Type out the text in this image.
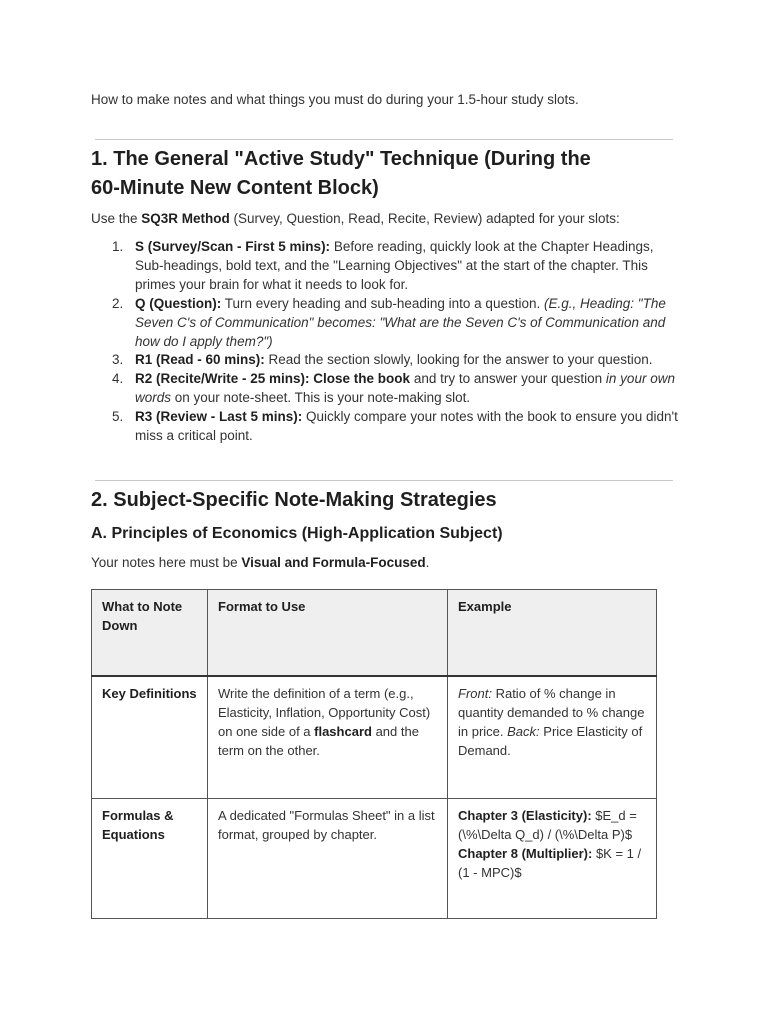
How to make notes and what things you must do during your 1.5-hour study slots.
1. The General "Active Study" Technique (During the
60-Minute New Content Block)
Use the SQ3R Method (Survey, Question, Read, Recite, Review) adapted for your slots:
1. S (Survey/Scan - First 5 mins): Before reading, quickly look at the Chapter Headings, Sub-headings, bold text, and the "Learning Objectives" at the start of the chapter. This primes your brain for what it needs to look for.
2. Q (Question): Turn every heading and sub-heading into a question. (E.g., Heading: "The Seven C's of Communication" becomes: "What are the Seven C's of Communication and how do I apply them?")
3. R1 (Read - 60 mins): Read the section slowly, looking for the answer to your question.
4. R2 (Recite/Write - 25 mins): Close the book and try to answer your question in your own words on your note-sheet. This is your note-making slot.
5. R3 (Review - Last 5 mins): Quickly compare your notes with the book to ensure you didn't miss a critical point.
2. Subject-Specific Note-Making Strategies
A. Principles of Economics (High-Application Subject)
Your notes here must be Visual and Formula-Focused.
What to Note Down	Format to Use	Example
Key Definitions	Write the definition of a term (e.g., Elasticity, Inflation, Opportunity Cost) on one side of a flashcard and the term on the other.	Front: Ratio of % change in quantity demanded to % change in price. Back: Price Elasticity of Demand.
Formulas & Equations	A dedicated "Formulas Sheet" in a list format, grouped by chapter.	Chapter 3 (Elasticity): $E_d = (\%\Delta Q_d) / (\%\Delta P)$ Chapter 8 (Multiplier): $K = 1 / (1 - MPC)$
